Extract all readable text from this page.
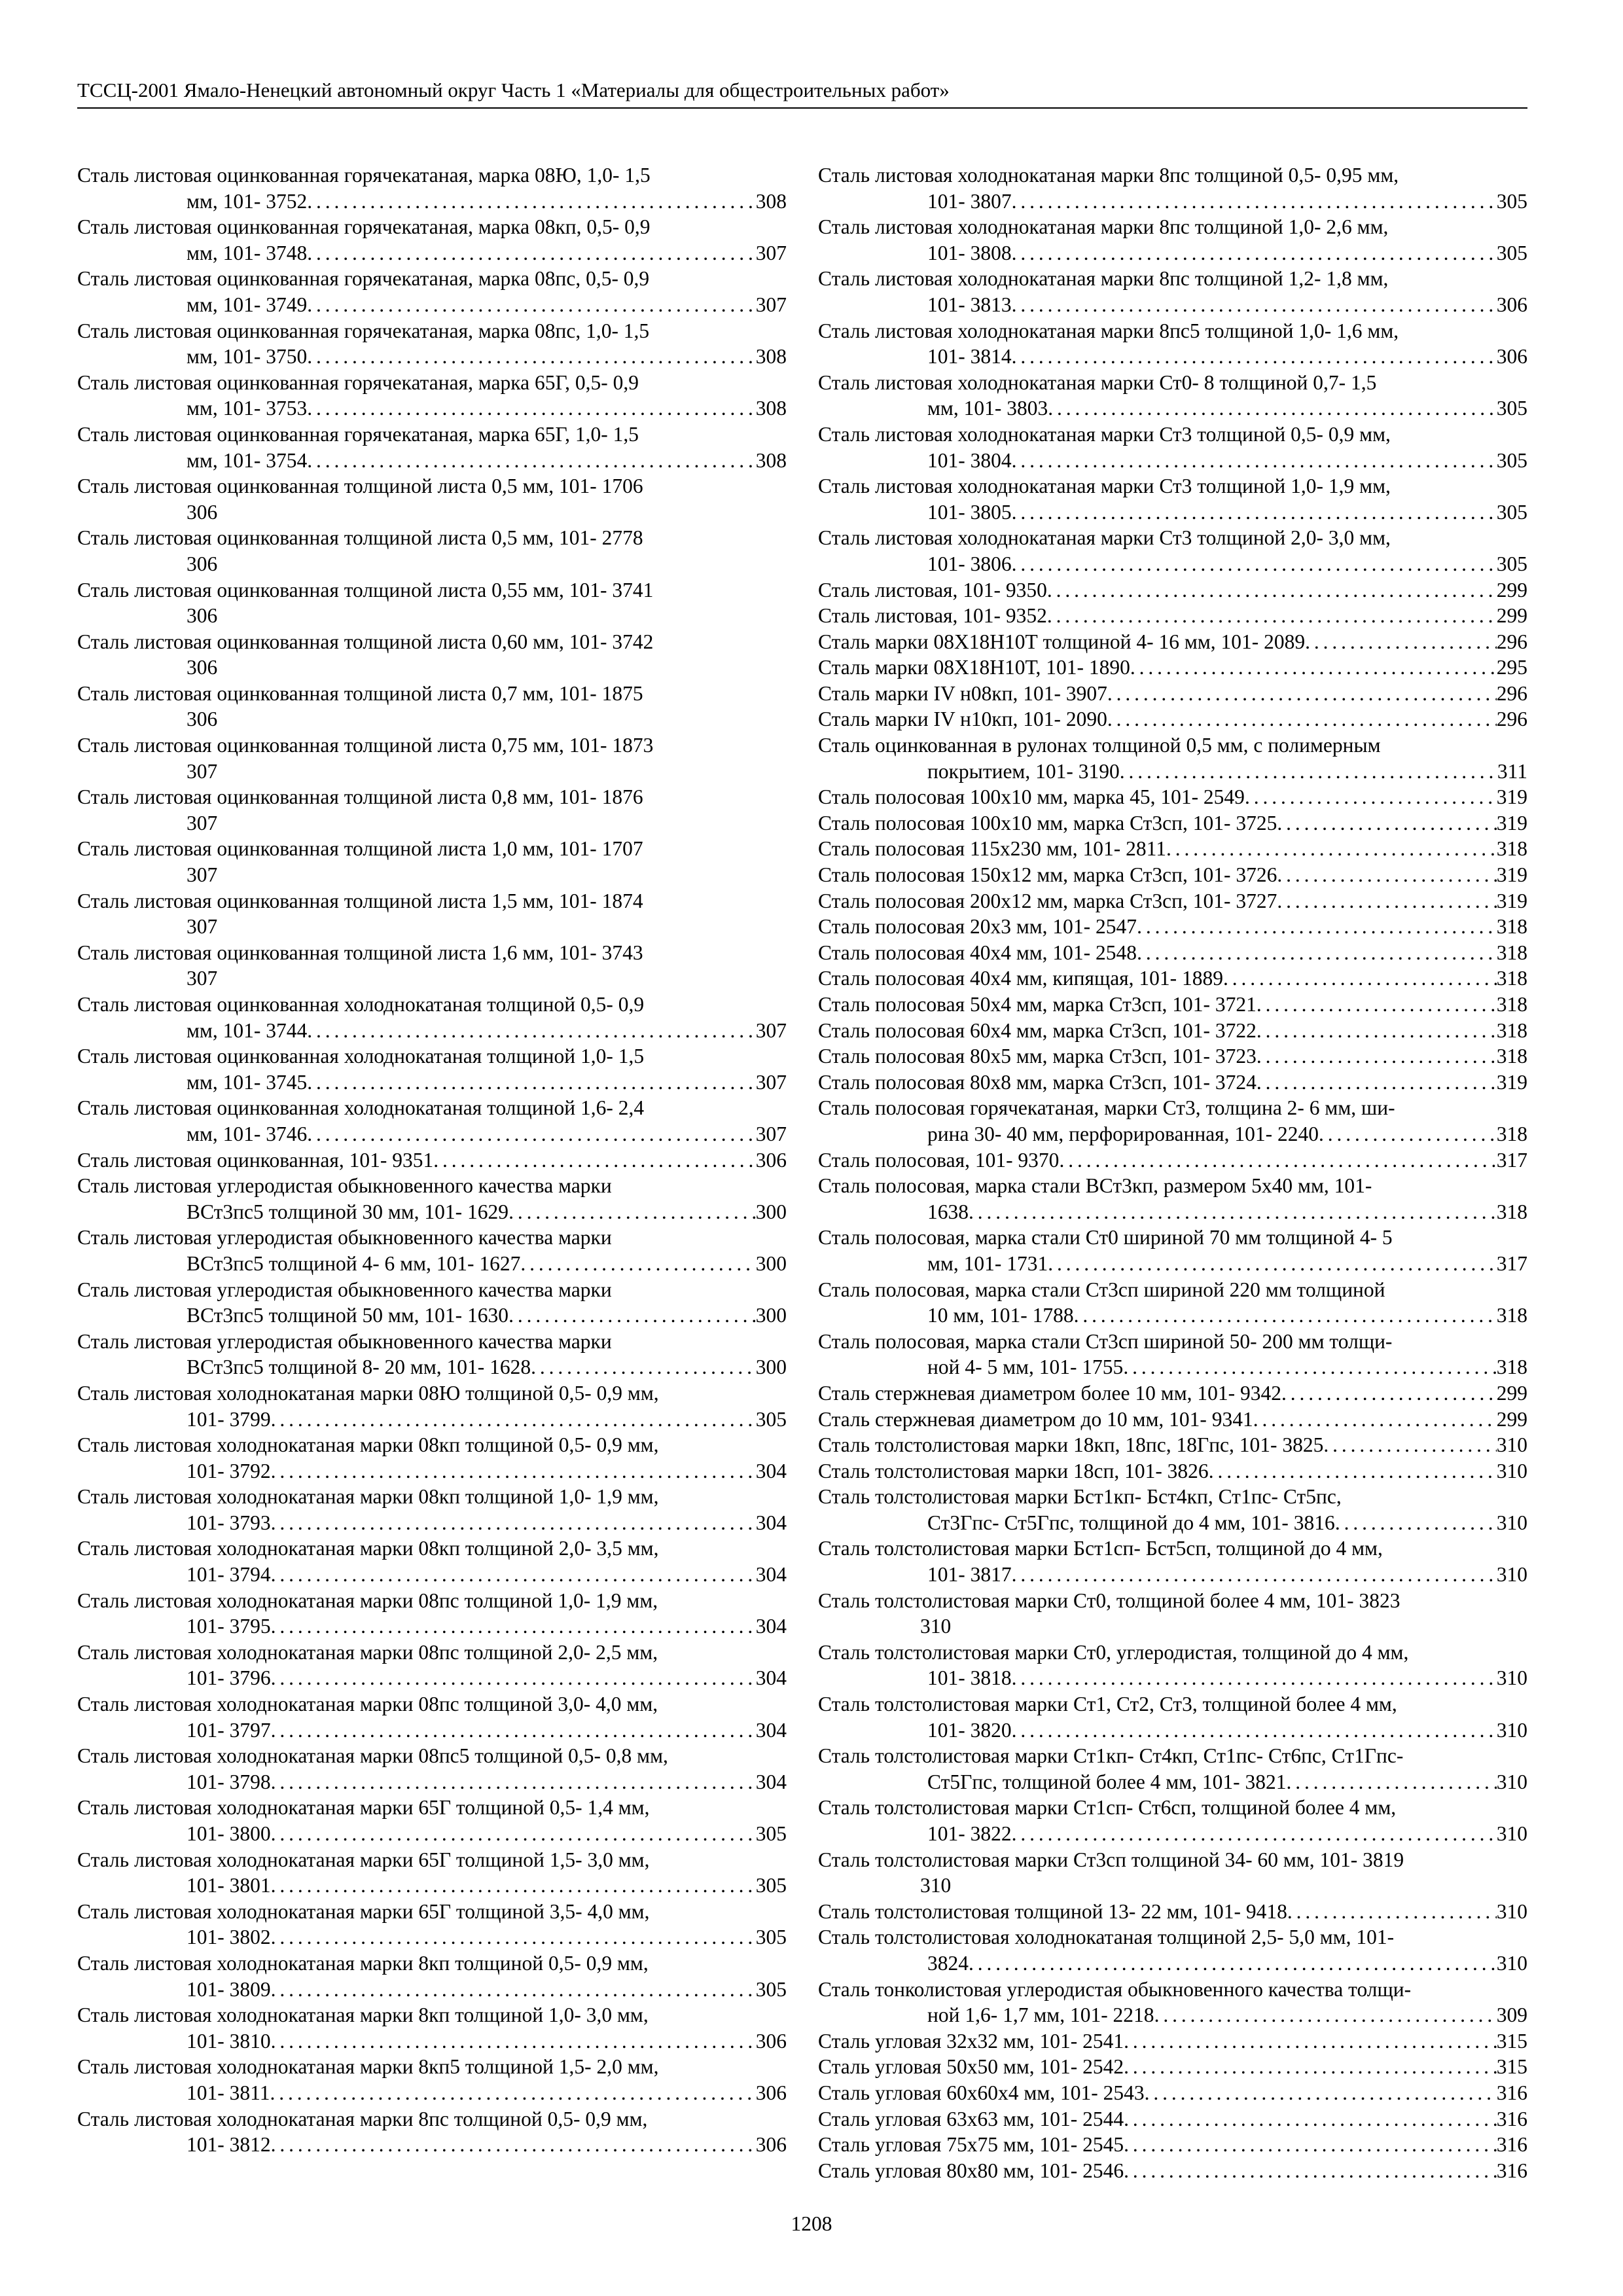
ТССЦ-2001 Ямало-Ненецкий автономный округ Часть 1 «Материалы для общестроительных работ»
Сталь листовая оцинкованная горячекатаная, марка 08Ю, 1,0- 1,5
мм, 101- 3752 . . .	308
Сталь листовая оцинкованная горячекатаная, марка 08кп, 0,5- 0,9
мм, 101- 3748 . . .	307
Сталь листовая оцинкованная горячекатаная, марка 08пс, 0,5- 0,9
мм, 101- 3749 . . .	307
Сталь листовая оцинкованная горячекатаная, марка 08пс, 1,0- 1,5
мм, 101- 3750 . . .	308
Сталь листовая оцинкованная горячекатаная, марка 65Г, 0,5- 0,9
мм, 101- 3753 . . .	308
Сталь листовая оцинкованная горячекатаная, марка 65Г, 1,0- 1,5
мм, 101- 3754 . . .	308
Сталь листовая оцинкованная толщиной листа 0,5 мм, 101- 1706
306
Сталь листовая оцинкованная толщиной листа 0,5 мм, 101- 2778
306
Сталь листовая оцинкованная толщиной листа 0,55 мм, 101- 3741
306
Сталь листовая оцинкованная толщиной листа 0,60 мм, 101- 3742
306
Сталь листовая оцинкованная толщиной листа 0,7 мм, 101- 1875
306
Сталь листовая оцинкованная толщиной листа 0,75 мм, 101- 1873
307
Сталь листовая оцинкованная толщиной листа 0,8 мм, 101- 1876
307
Сталь листовая оцинкованная толщиной листа 1,0 мм, 101- 1707
307
Сталь листовая оцинкованная толщиной листа 1,5 мм, 101- 1874
307
Сталь листовая оцинкованная толщиной листа 1,6 мм, 101- 3743
307
Сталь листовая оцинкованная холоднокатаная толщиной 0,5- 0,9
мм, 101- 3744 . . .	307
Сталь листовая оцинкованная холоднокатаная толщиной 1,0- 1,5
мм, 101- 3745 . . .	307
Сталь листовая оцинкованная холоднокатаная толщиной 1,6- 2,4
мм, 101- 3746 . . .	307
Сталь листовая оцинкованная, 101- 9351 . . .	306
Сталь листовая углеродистая обыкновенного качества марки
ВСт3пс5 толщиной 30 мм, 101- 1629 . . .	300
Сталь листовая углеродистая обыкновенного качества марки
ВСт3пс5 толщиной 4- 6 мм, 101- 1627 . . .	300
Сталь листовая углеродистая обыкновенного качества марки
ВСт3пс5 толщиной 50 мм, 101- 1630 . . .	300
Сталь листовая углеродистая обыкновенного качества марки
ВСт3пс5 толщиной 8- 20 мм, 101- 1628 . . .	300
Сталь листовая холоднокатаная марки 08Ю толщиной 0,5- 0,9 мм,
101- 3799 . . .	305
Сталь листовая холоднокатаная марки 08кп толщиной 0,5- 0,9 мм,
101- 3792 . . .	304
Сталь листовая холоднокатаная марки 08кп толщиной 1,0- 1,9 мм,
101- 3793 . . .	304
Сталь листовая холоднокатаная марки 08кп толщиной 2,0- 3,5 мм,
101- 3794 . . .	304
Сталь листовая холоднокатаная марки 08пс толщиной 1,0- 1,9 мм,
101- 3795 . . .	304
Сталь листовая холоднокатаная марки 08пс толщиной 2,0- 2,5 мм,
101- 3796 . . .	304
Сталь листовая холоднокатаная марки 08пс толщиной 3,0- 4,0 мм,
101- 3797 . . .	304
Сталь листовая холоднокатаная марки 08пс5 толщиной 0,5- 0,8 мм,
101- 3798 . . .	304
Сталь листовая холоднокатаная марки 65Г толщиной 0,5- 1,4 мм,
101- 3800 . . .	305
Сталь листовая холоднокатаная марки 65Г толщиной 1,5- 3,0 мм,
101- 3801 . . .	305
Сталь листовая холоднокатаная марки 65Г толщиной 3,5- 4,0 мм,
101- 3802 . . .	305
Сталь листовая холоднокатаная марки 8кп толщиной 0,5- 0,9 мм,
101- 3809 . . .	305
Сталь листовая холоднокатаная марки 8кп толщиной 1,0- 3,0 мм,
101- 3810 . . .	306
Сталь листовая холоднокатаная марки 8кп5 толщиной 1,5- 2,0 мм,
101- 3811 . . .	306
Сталь листовая холоднокатаная марки 8пс толщиной 0,5- 0,9 мм,
101- 3812 . . .	306
Сталь листовая холоднокатаная марки 8пс толщиной 0,5- 0,95 мм,
101- 3807 . . .	305
Сталь листовая холоднокатаная марки 8пс толщиной 1,0- 2,6 мм,
101- 3808 . . .	305
Сталь листовая холоднокатаная марки 8пс толщиной 1,2- 1,8 мм,
101- 3813 . . .	306
Сталь листовая холоднокатаная марки 8пс5 толщиной 1,0- 1,6 мм,
101- 3814 . . .	306
Сталь листовая холоднокатаная марки Ст0- 8 толщиной 0,7- 1,5
мм, 101- 3803 . . .	305
Сталь листовая холоднокатаная марки Ст3 толщиной 0,5- 0,9 мм,
101- 3804 . . .	305
Сталь листовая холоднокатаная марки Ст3 толщиной 1,0- 1,9 мм,
101- 3805 . . .	305
Сталь листовая холоднокатаная марки Ст3 толщиной 2,0- 3,0 мм,
101- 3806 . . .	305
Сталь листовая, 101- 9350 . . .	299
Сталь листовая, 101- 9352 . . .	299
Сталь марки 08Х18Н10Т толщиной 4- 16 мм, 101- 2089 . . .	296
Сталь марки 08Х18Н10Т, 101- 1890 . . .	295
Сталь марки IV н08кп, 101- 3907 . . .	296
Сталь марки IV н10кп, 101- 2090 . . .	296
Сталь оцинкованная в рулонах толщиной 0,5 мм, с полимерным
покрытием, 101- 3190 . . .	311
Сталь полосовая 100х10 мм, марка 45, 101- 2549 . . .	319
Сталь полосовая 100х10 мм, марка Ст3сп, 101- 3725 . . .	319
Сталь полосовая 115х230 мм, 101- 2811 . . .	318
Сталь полосовая 150х12 мм, марка Ст3сп, 101- 3726 . . .	319
Сталь полосовая 200х12 мм, марка Ст3сп, 101- 3727 . . .	319
Сталь полосовая 20х3 мм, 101- 2547 . . .	318
Сталь полосовая 40х4 мм, 101- 2548 . . .	318
Сталь полосовая 40х4 мм, кипящая, 101- 1889 . . .	318
Сталь полосовая 50х4 мм, марка Ст3сп, 101- 3721 . . .	318
Сталь полосовая 60х4 мм, марка Ст3сп, 101- 3722 . . .	318
Сталь полосовая 80х5 мм, марка Ст3сп, 101- 3723 . . .	318
Сталь полосовая 80х8 мм, марка Ст3сп, 101- 3724 . . .	319
Сталь полосовая горячекатаная, марки Ст3, толщина 2- 6 мм, ши-
рина 30- 40 мм, перфорированная, 101- 2240 . . .	318
Сталь полосовая, 101- 9370 . . .	317
Сталь полосовая, марка стали ВСт3кп, размером 5х40 мм, 101-
1638 . . .	318
Сталь полосовая, марка стали Ст0 шириной 70 мм толщиной 4- 5
мм, 101- 1731 . . .	317
Сталь полосовая, марка стали Ст3сп шириной 220 мм толщиной
10 мм, 101- 1788 . . .	318
Сталь полосовая, марка стали Ст3сп шириной 50- 200 мм толщи-
ной 4- 5 мм, 101- 1755 . . .	318
Сталь стержневая диаметром более 10 мм, 101- 9342 . . .	299
Сталь стержневая диаметром до 10 мм, 101- 9341 . . .	299
Сталь толстолистовая марки 18кп, 18пс, 18Гпс, 101- 3825 . . .	310
Сталь толстолистовая марки 18сп, 101- 3826 . . .	310
Сталь толстолистовая марки Бст1кп- Бст4кп, Ст1пс- Ст5пс,
Ст3Гпс- Ст5Гпс, толщиной до 4 мм, 101- 3816 . . .	310
Сталь толстолистовая марки Бст1сп- Бст5сп, толщиной до 4 мм,
101- 3817 . . .	310
Сталь толстолистовая марки Ст0, толщиной более 4 мм, 101- 3823
310
Сталь толстолистовая марки Ст0, углеродистая, толщиной до 4 мм,
101- 3818 . . .	310
Сталь толстолистовая марки Ст1, Ст2, Ст3, толщиной более 4 мм,
101- 3820 . . .	310
Сталь толстолистовая марки Ст1кп- Ст4кп, Ст1пс- Ст6пс, Ст1Гпс-
Ст5Гпс, толщиной более 4 мм, 101- 3821 . . .	310
Сталь толстолистовая марки Ст1сп- Ст6сп, толщиной более 4 мм,
101- 3822 . . .	310
Сталь толстолистовая марки Ст3сп толщиной 34- 60 мм, 101- 3819
310
Сталь толстолистовая толщиной 13- 22 мм, 101- 9418 . . .	310
Сталь толстолистовая холоднокатаная толщиной 2,5- 5,0 мм, 101-
3824 . . .	310
Сталь тонколистовая углеродистая обыкновенного качества толщи-
ной 1,6- 1,7 мм, 101- 2218 . . .	309
Сталь угловая 32х32 мм, 101- 2541 . . .	315
Сталь угловая 50х50 мм, 101- 2542 . . .	315
Сталь угловая 60х60х4 мм, 101- 2543 . . .	316
Сталь угловая 63х63 мм, 101- 2544 . . .	316
Сталь угловая 75х75 мм, 101- 2545 . . .	316
Сталь угловая 80х80 мм, 101- 2546 . . .	316
1208
